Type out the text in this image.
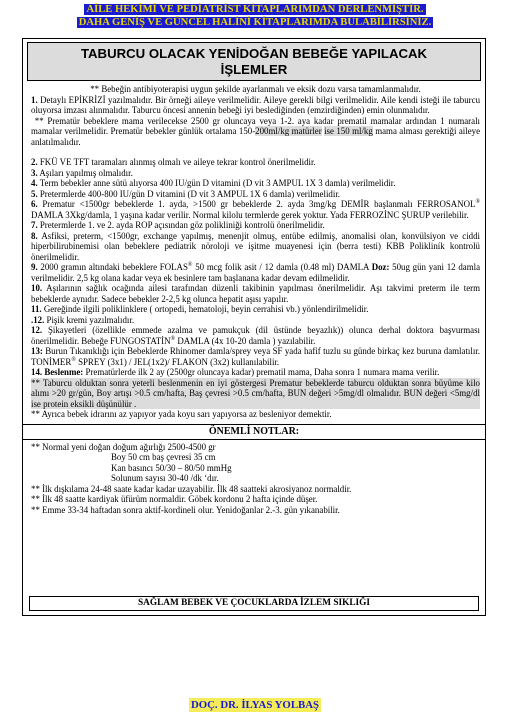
AİLE HEKİMİ VE PEDİATRİST KİTAPLARIMDAN DERLENMİŞTİR.
DAHA GENİŞ VE GÜNCEL HALİNİ KİTAPLARIMDA BULABİLİRSİNİZ.
TABURCU OLACAK YENİDOĞAN BEBEĞE YAPILACAK
İŞLEMLER

** Bebeğin antibiyoterapisi uygun şekilde ayarlanmalı ve eksik dozu varsa tamamlanmalıdır.

1. Detaylı EPİKRİZİ yazılmalıdır. Bir örneği aileye verilmelidir. Aileye gerekli bilgi verilmelidir. Aile kendi isteği ile taburcu oluyorsa imzası alınmalıdır. Taburcu öncesi annenin bebeği iyi beslediğinden (emzirdiğinden) emin olunmalıdır.

** Prematür bebeklere mama verilecekse 2500 gr oluncaya veya 1-2. aya kadar prematil mamalar ardından 1 numaralı mamalar verilmelidir. Prematür bebekler günlük ortalama 150-200ml/kg matürler ise 150 ml/kg mama alması gerektiği aileye anlatılmalıdır.

2. FKÜ VE TFT taramaları alınmış olmalı ve aileye tekrar kontrol önerilmelidir.

3. Aşıları yapılmış olmalıdır.

4. Term bebekler anne sütü alıyorsa 400 IU/gün D vitamini (D vit 3 AMPUL 1X 3 damla) verilmelidir.

5. Pretermlerde 400-800 IU/gün D vitamini (D vit 3 AMPUL 1X 6 damla) verilmelidir.

6. Prematur <1500gr bebeklerde 1. ayda, >1500 gr bebeklerde 2. ayda 3mg/kg DEMİR başlanmalı FERROSANOL® DAMLA 3Xkg/damla, 1 yaşına kadar verilir. Normal kilolu termlerde gerek yoktur. Yada FERROZİNC ŞURUP verilebilir.

7. Pretermlerde 1. ve 2. ayda ROP açısından göz polikliniği kontrolü önerilmelidir.

8. Asfiksi, preterm, <1500gr, exchange yapılmış, menenjit olmuş, entübe edilmiş, anomalisi olan, konvülsiyon ve ciddi hiperbilirubinemisi olan bebeklere pediatrik nöroloji ve işitme muayenesi için (berra testi) KBB Polikliník kontrolü önerilmelidir.

9. 2000 gramın altındaki bebeklere FOLAS® 50 mcg folik asit / 12 damla (0.48 ml) DAMLA Doz: 50ug gün yani 12 damla verilmelidir. 2,5 kg olana kadar veya ek besinlere tam başlanana kadar devam edilmelidir.

10. Aşılarının sağlık ocağında ailesi tarafından düzenli takibinin yapılması önerilmelidir. Aşı takvimi preterm ile term bebeklerde aynıdır. Sadece bebekler 2-2,5 kg olunca hepatit aşısı yapılır.

11. Gereğinde ilgili poliklinklere ( ortopedi, hematoloji, beyin cerrahisi vb.) yönlendirilmelidir.

.12. Pişik kremi yazılmalıdır.

12. Şikayetleri (özellikle emmede azalma ve pamukçuk (dil üstünde beyazlık)) olunca derhal doktora başvurması önerilmelidir. Bebeğe FUNGOSTATİN® DAMLA (4x 10-20 damla ) yazılabilir.

13: Burun Tıkanıklığı için Bebeklerde Rhinomer damla/sprey veya SF yada hafif tuzlu su günde birkaç kez buruna damlatılır. TONİMER® SPREY (3x1) / JEL(1x2)/ FLAKON (3x2) kullanılabilir.

14. Beslenme: Prematürlerde ilk 2 ay (2500gr oluncaya kadar) prematil mama, Daha sonra 1 numara mama verilir.

** Taburcu olduktan sonra yeterli beslenmenin en iyi göstergesi Prematur bebeklerde taburcu olduktan sonra büyüme kilo alımı >20 gr/gün, Boy artışı >0.5 cm/hafta, Baş çevresi >0.5 cm/hafta, BUN değeri >5mg/dl olmalıdır. BUN değeri <5mg/dl ise protein eksikli düşünülür .

** Ayrıca bebek idrarını az yapıyor yada koyu sarı yapıyorsa az besleniyor demektir.

ÖNEMLİ NOTLAR:

** Normal yeni doğan doğum ağırlığı 2500-4500 gr

Boy 50 cm baş çevresi 35 cm

Kan basıncı 50/30 – 80/50 mmHg

Solunum sayısı 30-40 /dk ‘dır.

** İlk dışkılama 24-48 saate kadar kadar uzayabilir. İlk 48 saatteki akrosiyanoz normaldir.

** İlk 48 saatte kardiyak üfürüm normaldir. Göbek kordonu 2 hafta içinde düşer.

** Emme 33-34 haftadan sonra aktif-kordineli olur. Yenidoğanlar 2.-3. gün yıkanabilir.

SAĞLAM BEBEK VE ÇOCUKLARDA İZLEM SIKLIĞI
DOÇ. DR. İLYAS YOLBAŞ
